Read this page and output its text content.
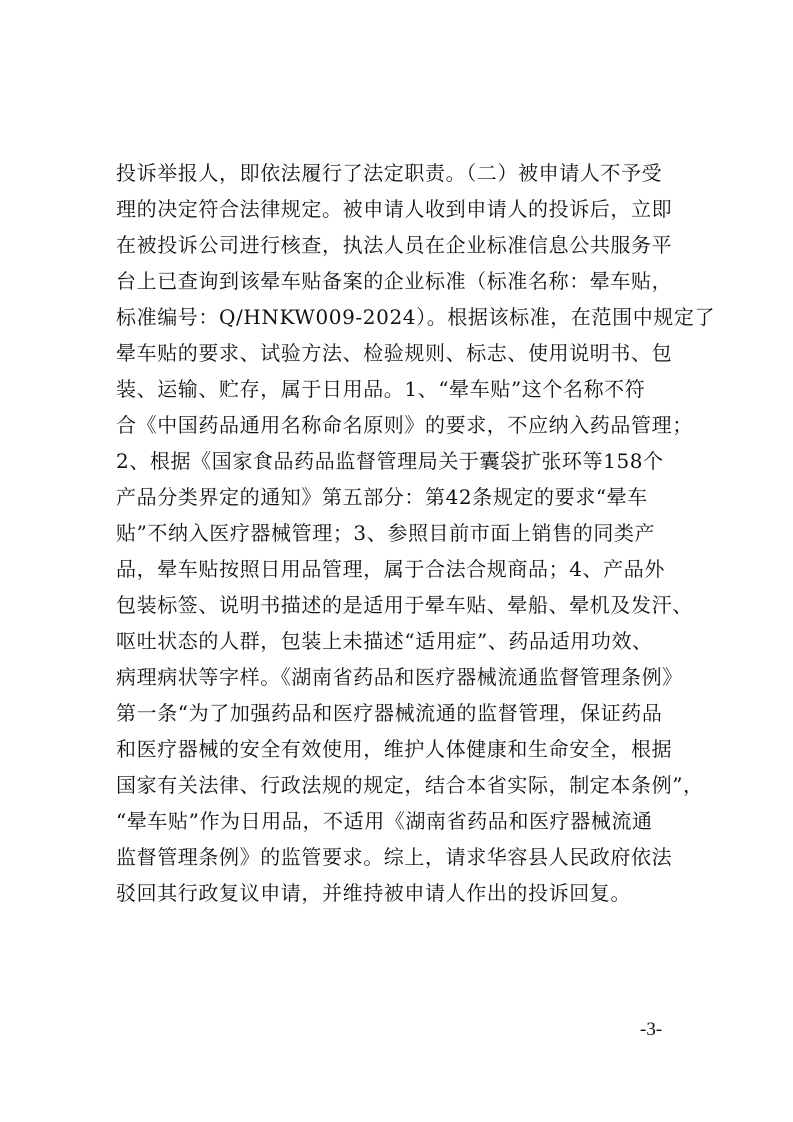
投诉举报人，即依法履行了法定职责。（二）被申请人不予受
理的决定符合法律规定。被申请人收到申请人的投诉后，立即
在被投诉公司进行核查，执法人员在企业标准信息公共服务平
台上已查询到该晕车贴备案的企业标准（标准名称：晕车贴，
标准编号：Q/HNKW009-2024）。根据该标准，在范围中规定了
晕车贴的要求、试验方法、检验规则、标志、使用说明书、包
装、运输、贮存，属于日用品。1、“晕车贴”这个名称不符
合《中国药品通用名称命名原则》的要求，不应纳入药品管理；
2、根据《国家食品药品监督管理局关于囊袋扩张环等158个
产品分类界定的通知》第五部分：第42条规定的要求“晕车
贴”不纳入医疗器械管理；3、参照目前市面上销售的同类产
品，晕车贴按照日用品管理，属于合法合规商品；4、产品外
包装标签、说明书描述的是适用于晕车贴、晕船、晕机及发汗、
呕吐状态的人群，包装上未描述“适用症”、药品适用功效、
病理病状等字样。《湖南省药品和医疗器械流通监督管理条例》
第一条“为了加强药品和医疗器械流通的监督管理，保证药品
和医疗器械的安全有效使用，维护人体健康和生命安全，根据
国家有关法律、行政法规的规定，结合本省实际，制定本条例”，
“晕车贴”作为日用品，不适用《湖南省药品和医疗器械流通
监督管理条例》的监管要求。综上，请求华容县人民政府依法
驳回其行政复议申请，并维持被申请人作出的投诉回复。
-3-
